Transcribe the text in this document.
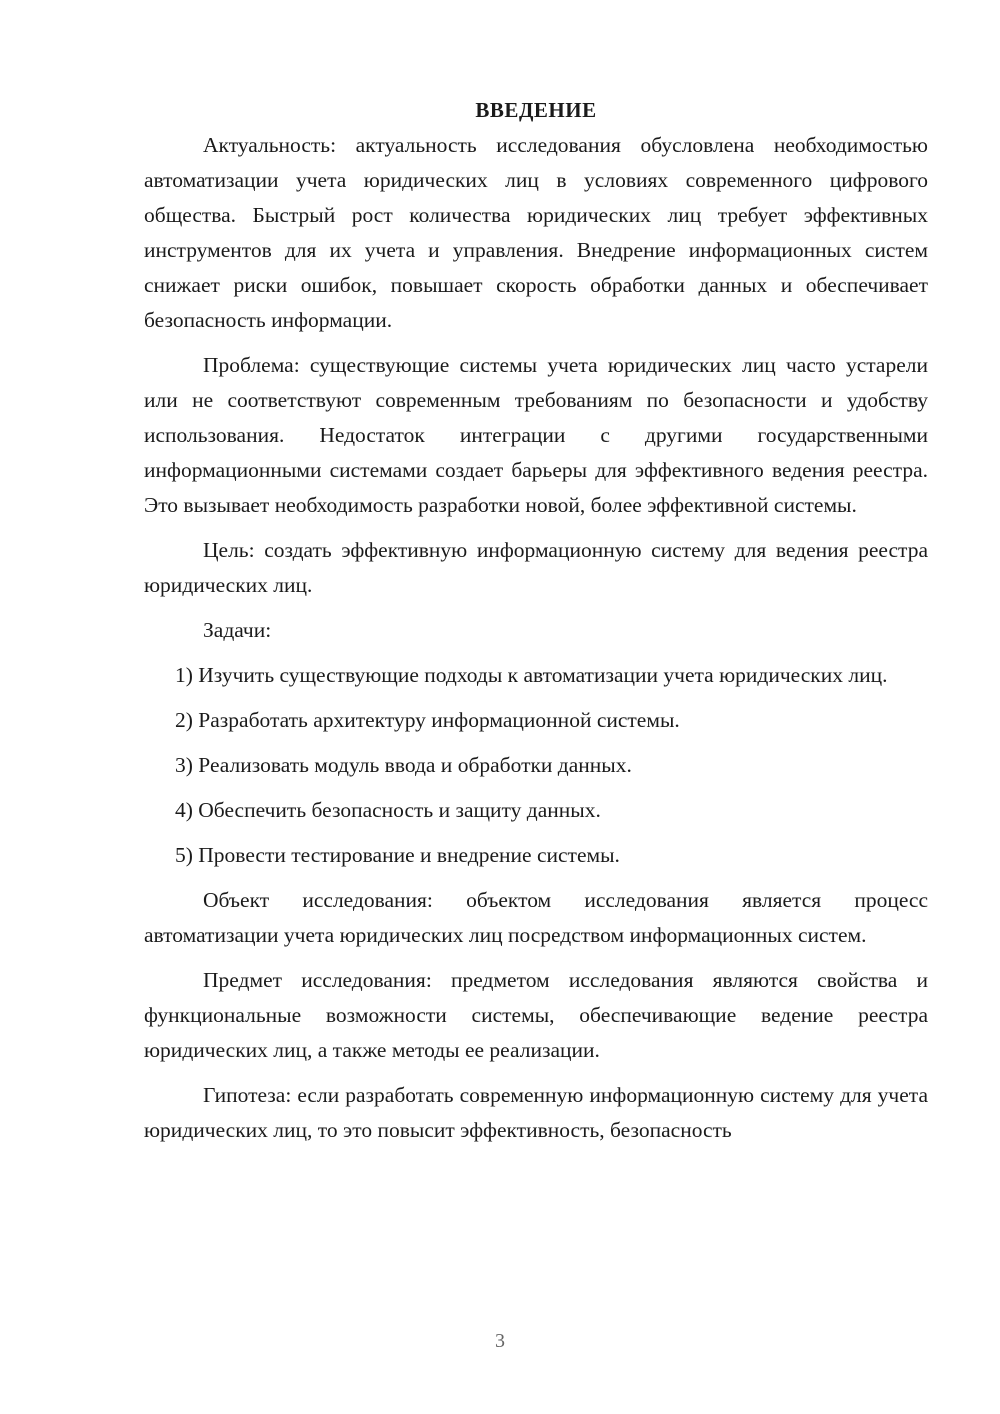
ВВЕДЕНИЕ

Актуальность: актуальность исследования обусловлена необходимостью автоматизации учета юридических лиц в условиях современного цифрового общества. Быстрый рост количества юридических лиц требует эффективных инструментов для их учета и управления. Внедрение информационных систем снижает риски ошибок, повышает скорость обработки данных и обеспечивает безопасность информации.

Проблема: существующие системы учета юридических лиц часто устарели или не соответствуют современным требованиям по безопасности и удобству использования. Недостаток интеграции с другими государственными информационными системами создает барьеры для эффективного ведения реестра. Это вызывает необходимость разработки новой, более эффективной системы.

Цель: создать эффективную информационную систему для ведения реестра юридических лиц.

Задачи:

1) Изучить существующие подходы к автоматизации учета юридических лиц.

2) Разработать архитектуру информационной системы.

3) Реализовать модуль ввода и обработки данных.

4) Обеспечить безопасность и защиту данных.

5) Провести тестирование и внедрение системы.

Объект исследования: объектом исследования является процесс автоматизации учета юридических лиц посредством информационных систем.

Предмет исследования: предметом исследования являются свойства и функциональные возможности системы, обеспечивающие ведение реестра юридических лиц, а также методы ее реализации.

Гипотеза: если разработать современную информационную систему для учета юридических лиц, то это повысит эффективность, безопасность

3
